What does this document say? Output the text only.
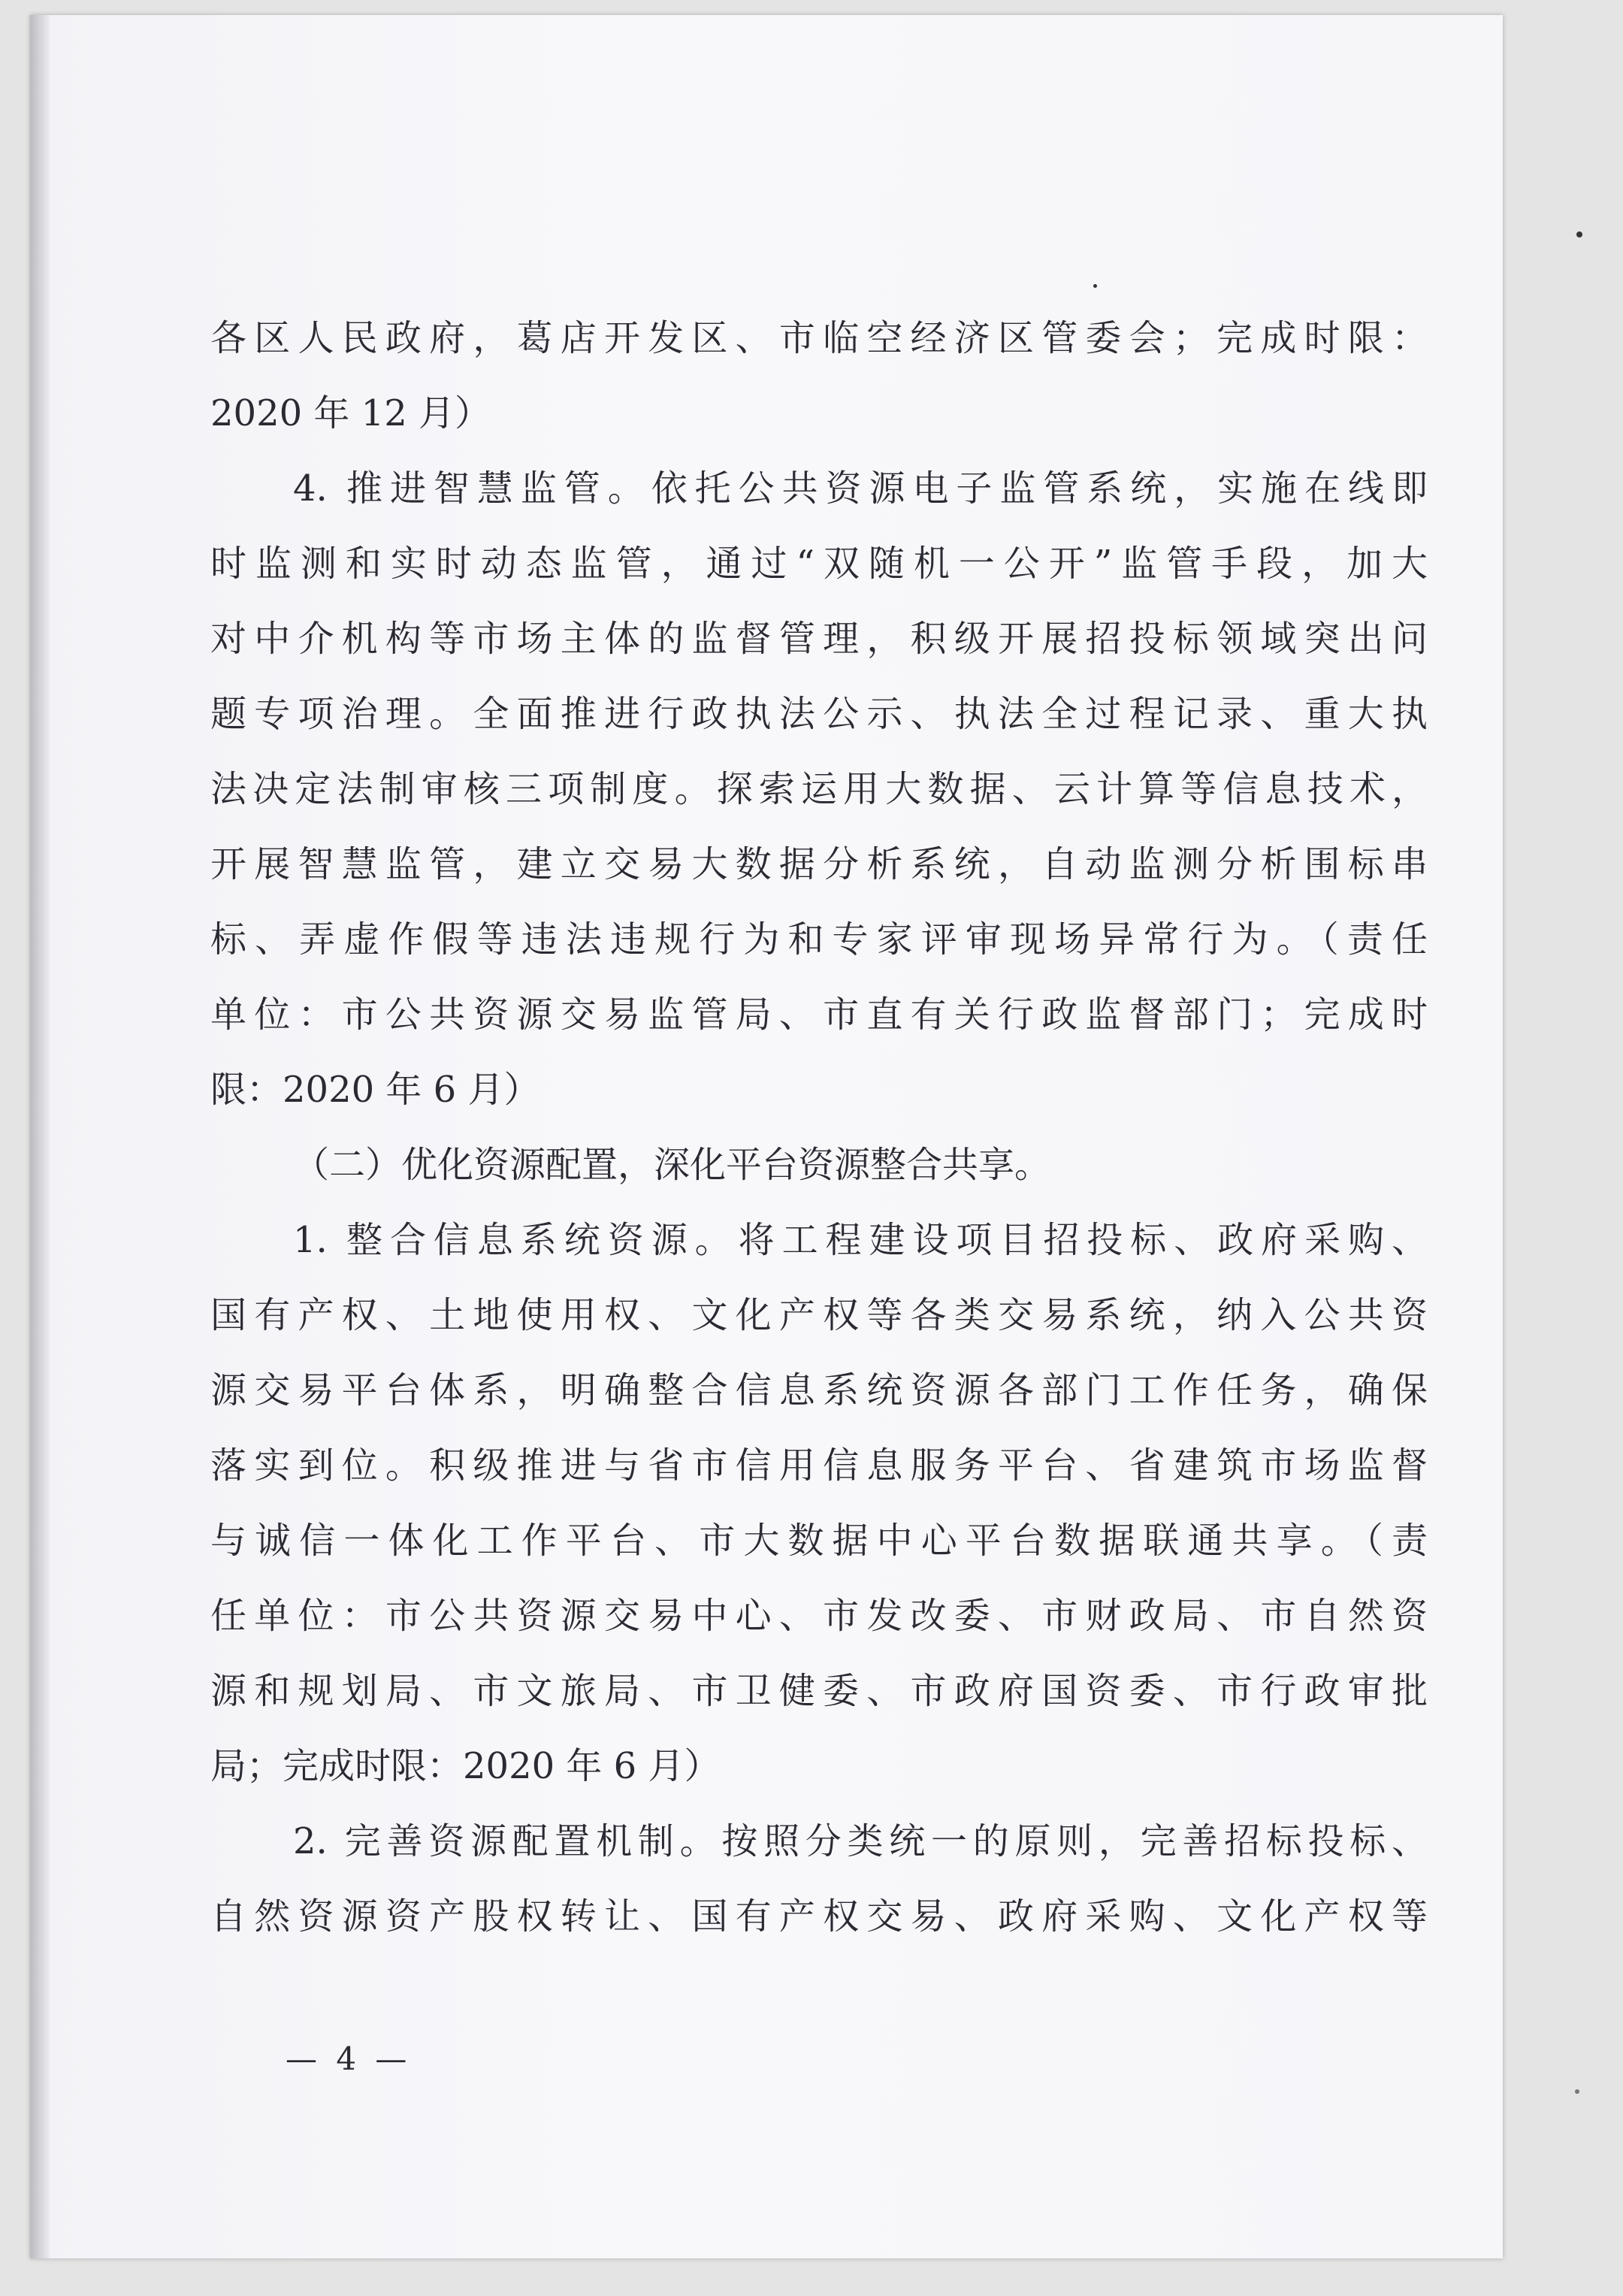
各区人民政府，葛店开发区、市临空经济区管委会；完成时限：
2020 年 12 月）
4. 推进智慧监管。依托公共资源电子监管系统，实施在线即
时监测和实时动态监管，通过“双随机一公开”监管手段，加大
对中介机构等市场主体的监督管理，积级开展招投标领域突出问
题专项治理。全面推进行政执法公示、执法全过程记录、重大执
法决定法制审核三项制度。探索运用大数据、云计算等信息技术，
开展智慧监管，建立交易大数据分析系统，自动监测分析围标串
标、弄虚作假等违法违规行为和专家评审现场异常行为。（责任
单位：市公共资源交易监管局、市直有关行政监督部门；完成时
限：2020 年 6 月）
（二）优化资源配置，深化平台资源整合共享。
1. 整合信息系统资源。将工程建设项目招投标、政府采购、
国有产权、土地使用权、文化产权等各类交易系统，纳入公共资
源交易平台体系，明确整合信息系统资源各部门工作任务，确保
落实到位。积级推进与省市信用信息服务平台、省建筑市场监督
与诚信一体化工作平台、市大数据中心平台数据联通共享。（责
任单位：市公共资源交易中心、市发改委、市财政局、市自然资
源和规划局、市文旅局、市卫健委、市政府国资委、市行政审批
局；完成时限：2020 年 6 月）
2. 完善资源配置机制。按照分类统一的原则，完善招标投标、
自然资源资产股权转让、国有产权交易、政府采购、文化产权等
— 4 —
